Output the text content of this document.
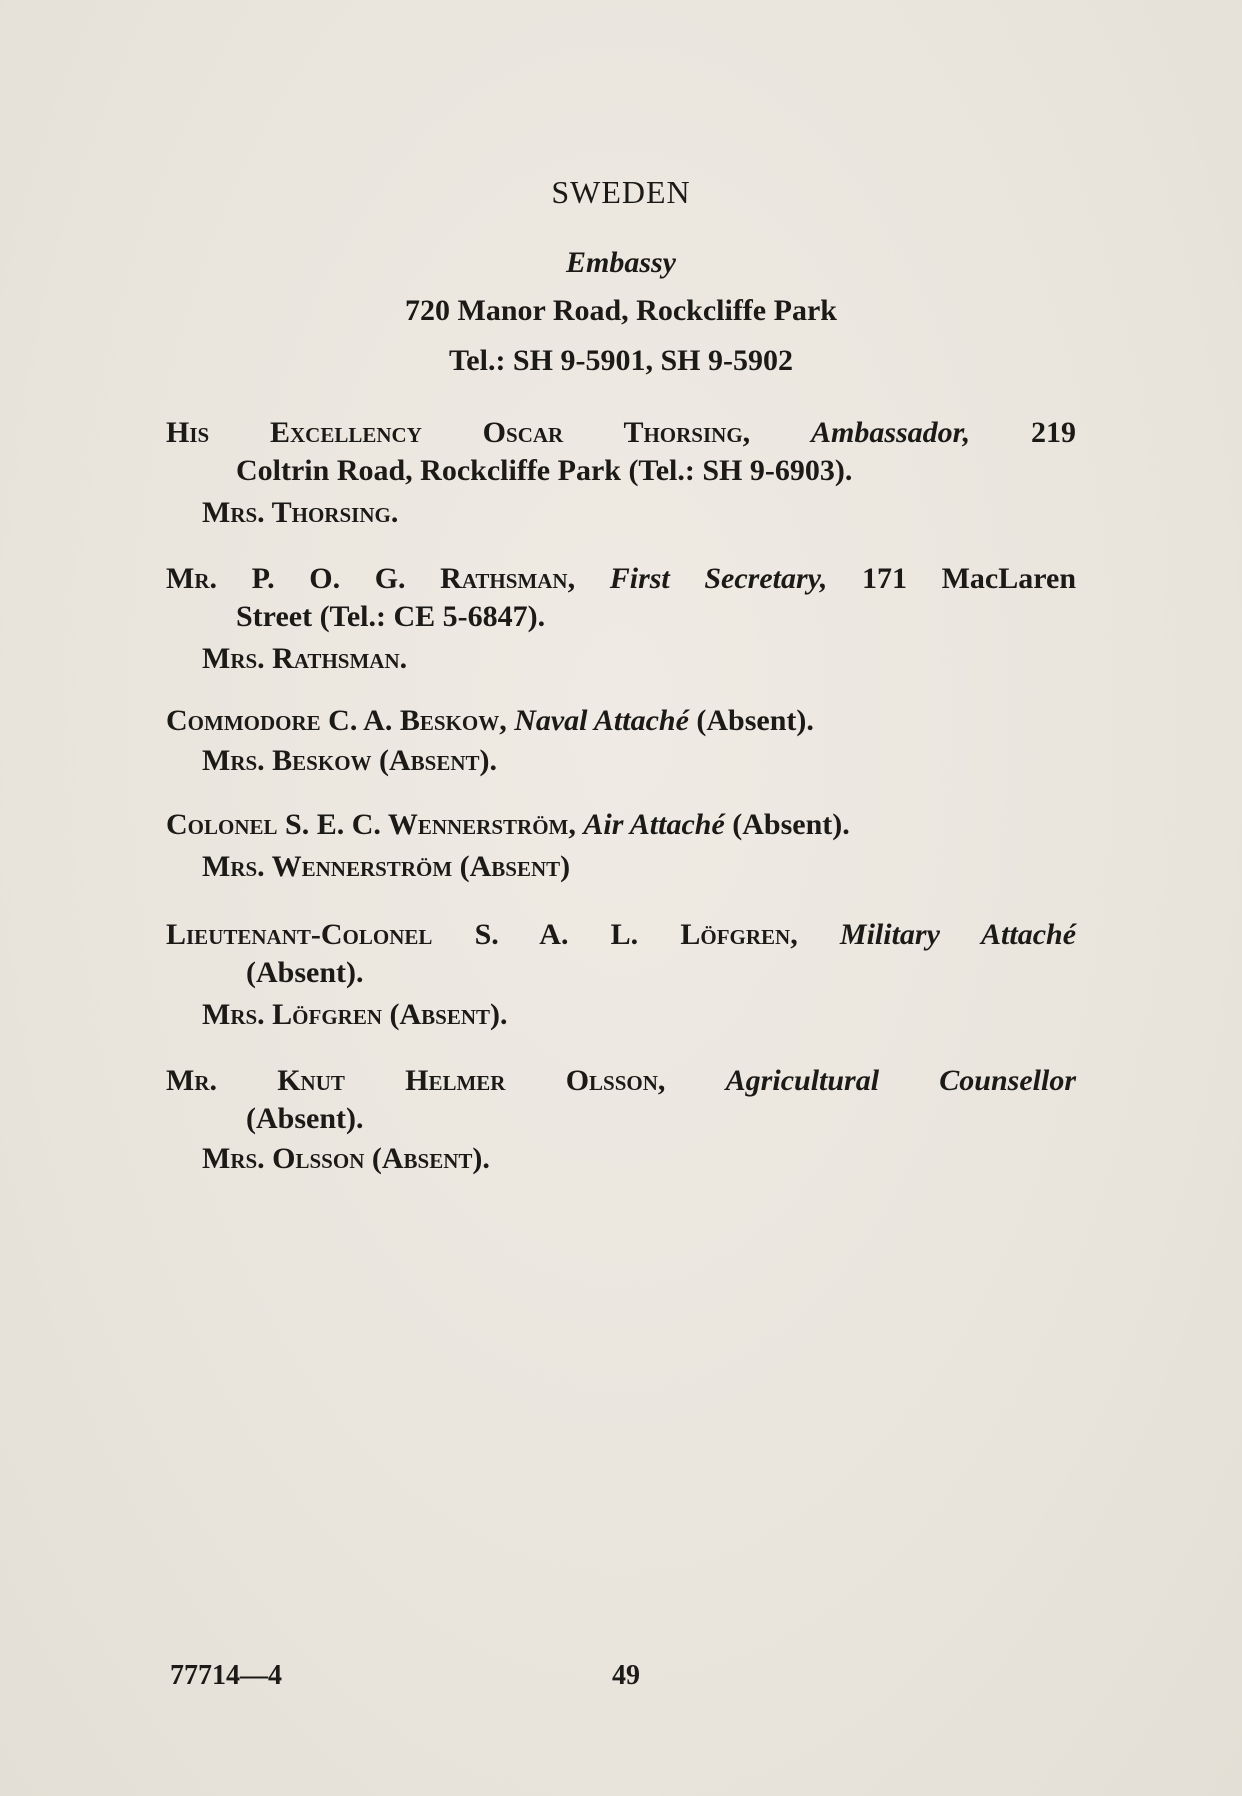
SWEDEN
Embassy
720 Manor Road, Rockcliffe Park
Tel.: SH 9-5901, SH 9-5902
His Excellency Oscar Thorsing, Ambassador, 219
Coltrin Road, Rockcliffe Park (Tel.: SH 9-6903).
Mrs. Thorsing.
Mr. P. O. G. Rathsman, First Secretary, 171 MacLaren
Street (Tel.: CE 5-6847).
Mrs. Rathsman.
Commodore C. A. Beskow, Naval Attaché (Absent).
Mrs. Beskow (Absent).
Colonel S. E. C. Wennerström, Air Attaché (Absent).
Mrs. Wennerström (Absent)
Lieutenant-Colonel S. A. L. Löfgren, Military Attaché
(Absent).
Mrs. Löfgren (Absent).
Mr. Knut Helmer Olsson, Agricultural Counsellor
(Absent).
Mrs. Olsson (Absent).
77714—4	49
